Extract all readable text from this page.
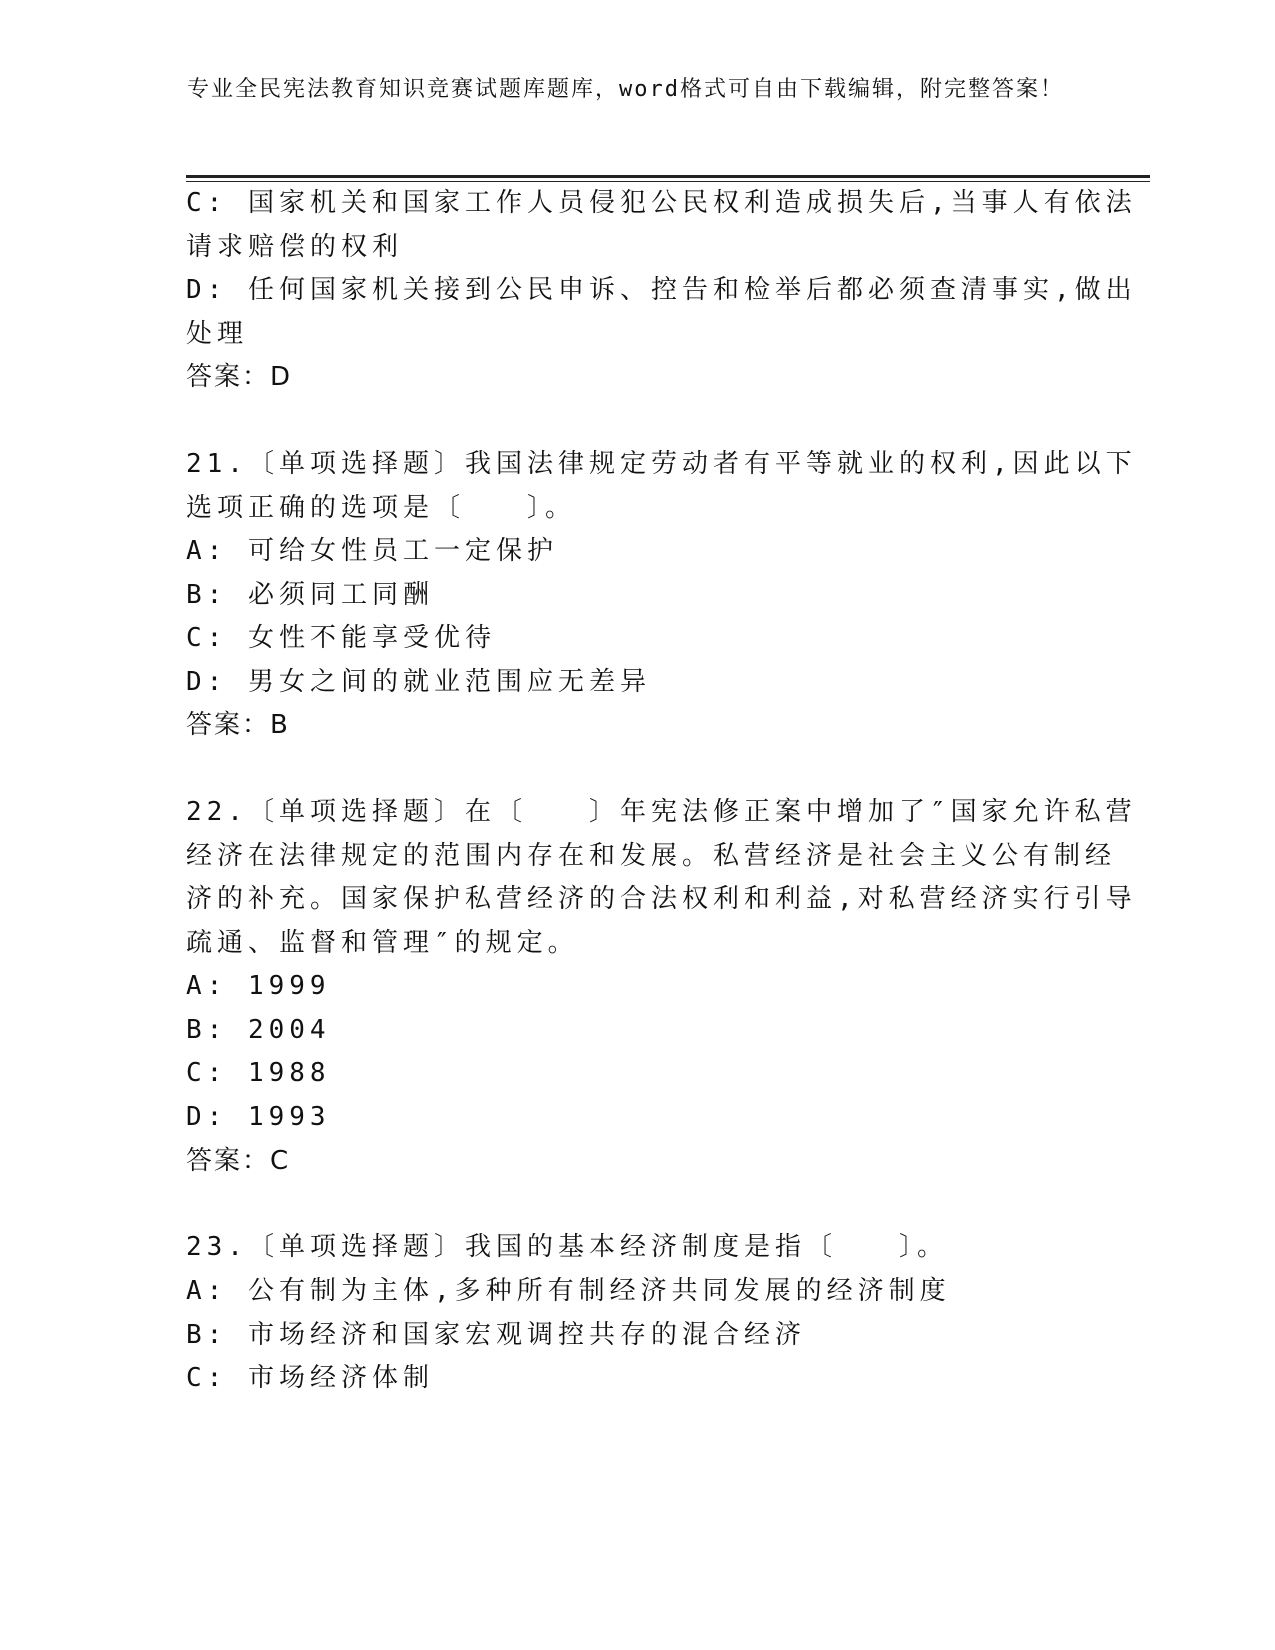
专业全民宪法教育知识竞赛试题库题库，word格式可自由下载编辑，附完整答案！
C: 国家机关和国家工作人员侵犯公民权利造成损失后,当事人有依法
请求赔偿的权利
D: 任何国家机关接到公民申诉、控告和检举后都必须查清事实,做出
处理
答案：D
21.〔单项选择题〕我国法律规定劳动者有平等就业的权利,因此以下
选项正确的选项是〔　　〕。
A: 可给女性员工一定保护
B: 必须同工同酬
C: 女性不能享受优待
D: 男女之间的就业范围应无差异
答案：B
22.〔单项选择题〕在〔　　〕年宪法修正案中增加了″国家允许私营
经济在法律规定的范围内存在和发展。私营经济是社会主义公有制经
济的补充。国家保护私营经济的合法权利和利益,对私营经济实行引导
疏通、监督和管理″的规定。
A: 1999
B: 2004
C: 1988
D: 1993
答案：C
23.〔单项选择题〕我国的基本经济制度是指〔　　〕。
A: 公有制为主体,多种所有制经济共同发展的经济制度
B: 市场经济和国家宏观调控共存的混合经济
C: 市场经济体制
